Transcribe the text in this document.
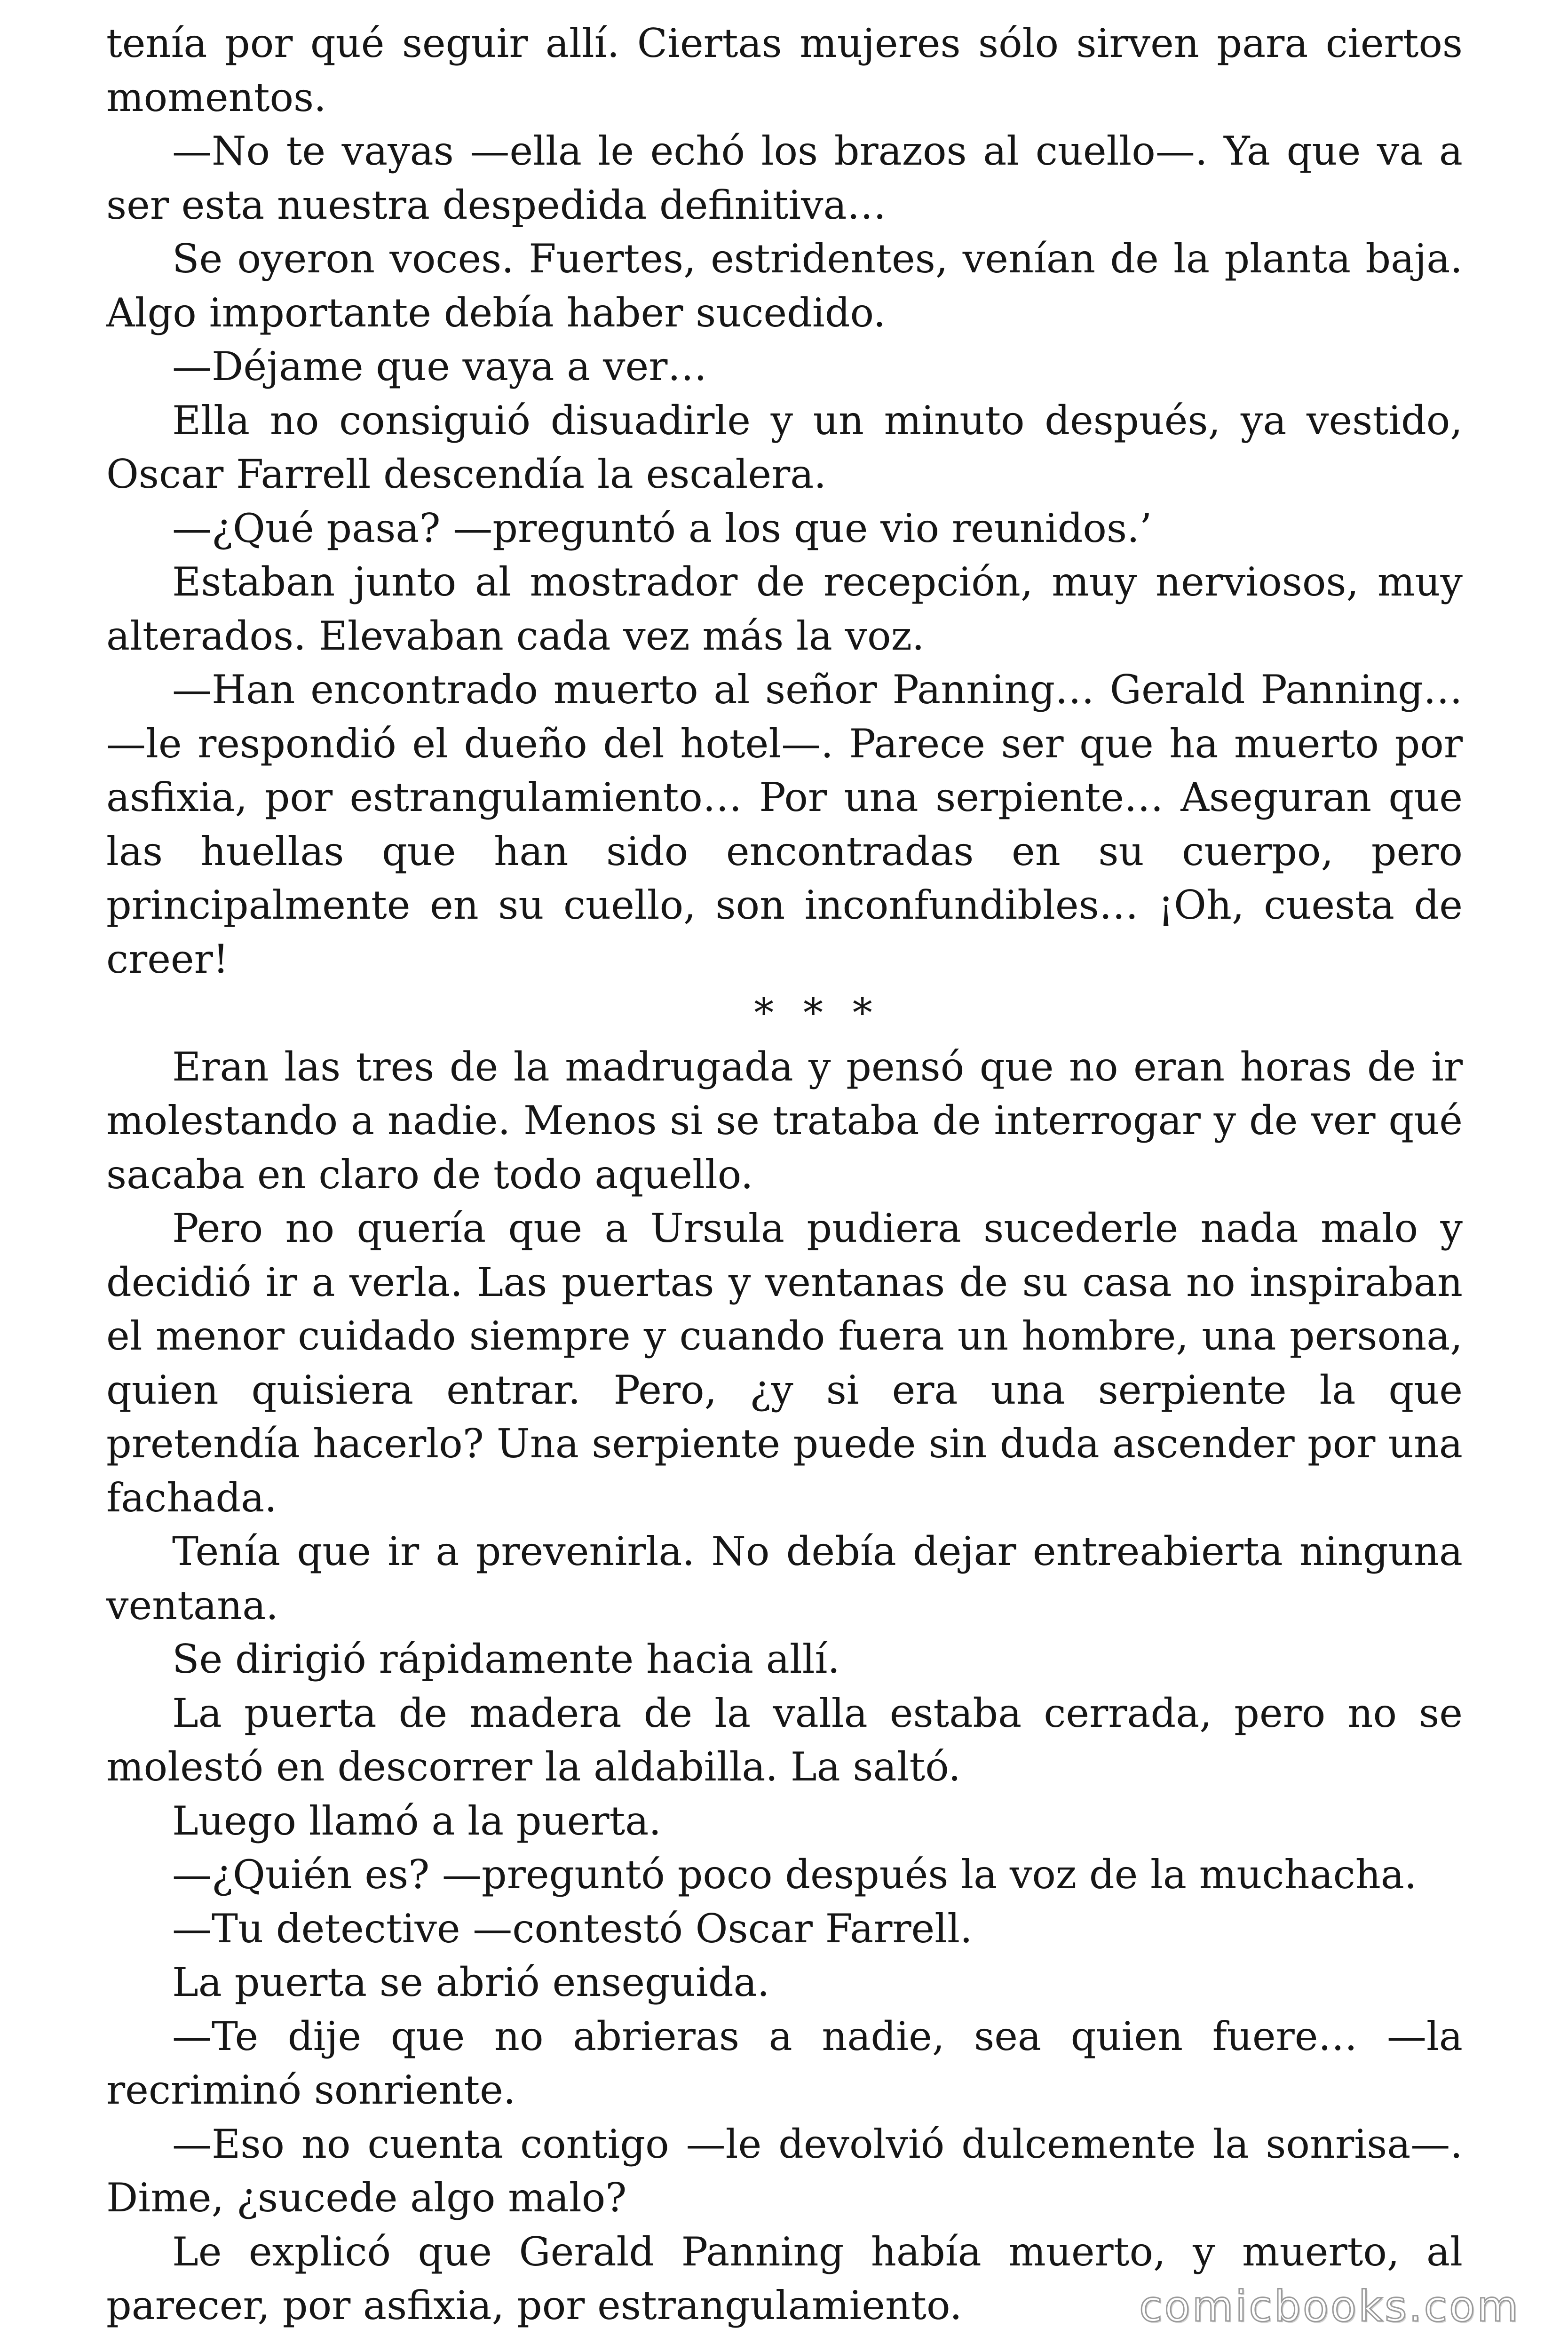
tenía por qué seguir allí. Ciertas mujeres sólo sirven para ciertos momentos.

—No te vayas —ella le echó los brazos al cuello—. Ya que va a ser esta nuestra despedida definitiva…

Se oyeron voces. Fuertes, estridentes, venían de la planta baja. Algo importante debía haber sucedido.

—Déjame que vaya a ver…

Ella no consiguió disuadirle y un minuto después, ya vestido, Oscar Farrell descendía la escalera.

—¿Qué pasa? —preguntó a los que vio reunidos.’

Estaban junto al mostrador de recepción, muy nerviosos, muy alterados. Elevaban cada vez más la voz.

—Han encontrado muerto al señor Panning… Gerald Panning… —le respondió el dueño del hotel—. Parece ser que ha muerto por asfixia, por estrangulamiento… Por una serpiente… Aseguran que las huellas que han sido encontradas en su cuerpo, pero principalmente en su cuello, son inconfundibles… ¡Oh, cuesta de creer!

* * *

Eran las tres de la madrugada y pensó que no eran horas de ir molestando a nadie. Menos si se trataba de interrogar y de ver qué sacaba en claro de todo aquello.

Pero no quería que a Ursula pudiera sucederle nada malo y decidió ir a verla. Las puertas y ventanas de su casa no inspiraban el menor cuidado siempre y cuando fuera un hombre, una persona, quien quisiera entrar. Pero, ¿y si era una serpiente la que pretendía hacerlo? Una serpiente puede sin duda ascender por una fachada.

Tenía que ir a prevenirla. No debía dejar entreabierta ninguna ventana.

Se dirigió rápidamente hacia allí.

La puerta de madera de la valla estaba cerrada, pero no se molestó en descorrer la aldabilla. La saltó.

Luego llamó a la puerta.

—¿Quién es? —preguntó poco después la voz de la muchacha.

—Tu detective —contestó Oscar Farrell.

La puerta se abrió enseguida.

—Te dije que no abrieras a nadie, sea quien fuere… —la recriminó sonriente.

—Eso no cuenta contigo —le devolvió dulcemente la sonrisa—. Dime, ¿sucede algo malo?

Le explicó que Gerald Panning había muerto, y muerto, al parecer, por asfixia, por estrangulamiento.	comicbooks.com
